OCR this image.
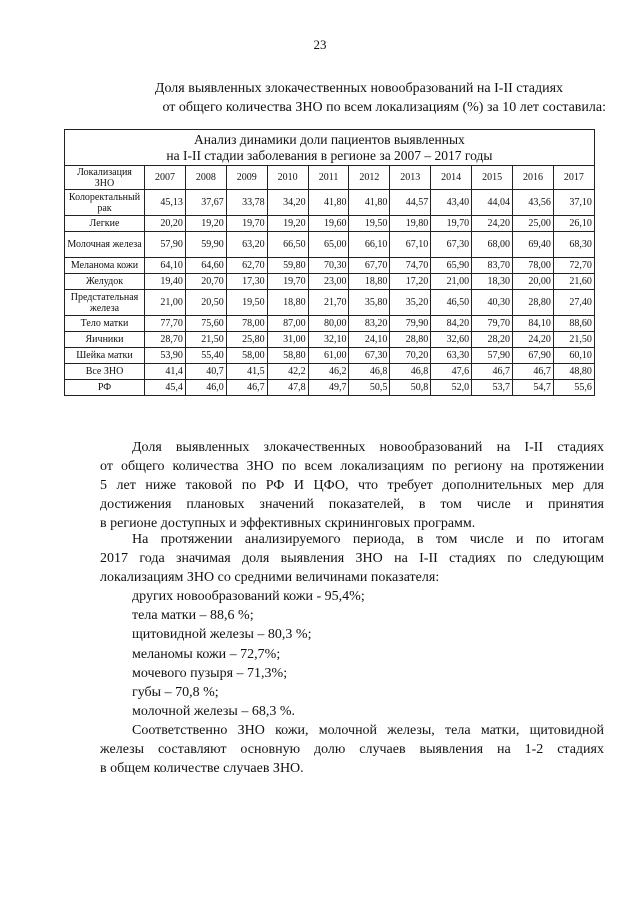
23
Доля выявленных злокачественных новообразований на I-II стадиях
от общего количества ЗНО по всем локализациям (%) за 10 лет составила:
Анализ динамики доли пациентов выявленных
на I-II стадии заболевания в регионе за 2007 – 2017 годы											

Локализация ЗНО	2007	2008	2009	2010	2011	2012	2013	2014	2015	2016	2017
Колоректальный рак	45,13	37,67	33,78	34,20	41,80	41,80	44,57	43,40	44,04	43,56	37,10
Легкие	20,20	19,20	19,70	19,20	19,60	19,50	19,80	19,70	24,20	25,00	26,10
Молочная железа	57,90	59,90	63,20	66,50	65,00	66,10	67,10	67,30	68,00	69,40	68,30
Меланома кожи	64,10	64,60	62,70	59,80	70,30	67,70	74,70	65,90	83,70	78,00	72,70
Желудок	19,40	20,70	17,30	19,70	23,00	18,80	17,20	21,00	18,30	20,00	21,60
Предстательная железа	21,00	20,50	19,50	18,80	21,70	35,80	35,20	46,50	40,30	28,80	27,40
Тело матки	77,70	75,60	78,00	87,00	80,00	83,20	79,90	84,20	79,70	84,10	88,60
Яичники	28,70	21,50	25,80	31,00	32,10	24,10	28,80	32,60	28,20	24,20	21,50
Шейка матки	53,90	55,40	58,00	58,80	61,00	67,30	70,20	63,30	57,90	67,90	60,10
Все ЗНО	41,4	40,7	41,5	42,2	46,2	46,8	46,8	47,6	46,7	46,7	48,80
РФ	45,4	46,0	46,7	47,8	49,7	50,5	50,8	52,0	53,7	54,7	55,6
Доля выявленных злокачественных новообразований на I-II стадиях
от общего количества ЗНО по всем локализациям по региону на протяжении
5 лет ниже таковой по РФ И ЦФО, что требует дополнительных мер для
достижения плановых значений показателей, в том числе и принятия
в регионе доступных и эффективных скрининговых программ.
На протяжении анализируемого периода, в том числе и по итогам
2017 года значимая доля выявления ЗНО на I-II стадиях по следующим
локализациям ЗНО со средними величинами показателя:
других новообразований кожи - 95,4%;
тела матки – 88,6 %;
щитовидной железы – 80,3 %;
меланомы кожи – 72,7%;
мочевого пузыря – 71,3%;
губы – 70,8 %;
молочной железы – 68,3 %.
Соответственно ЗНО кожи, молочной железы, тела матки, щитовидной
железы составляют основную долю случаев выявления на 1-2 стадиях
в общем количестве случаев ЗНО.
